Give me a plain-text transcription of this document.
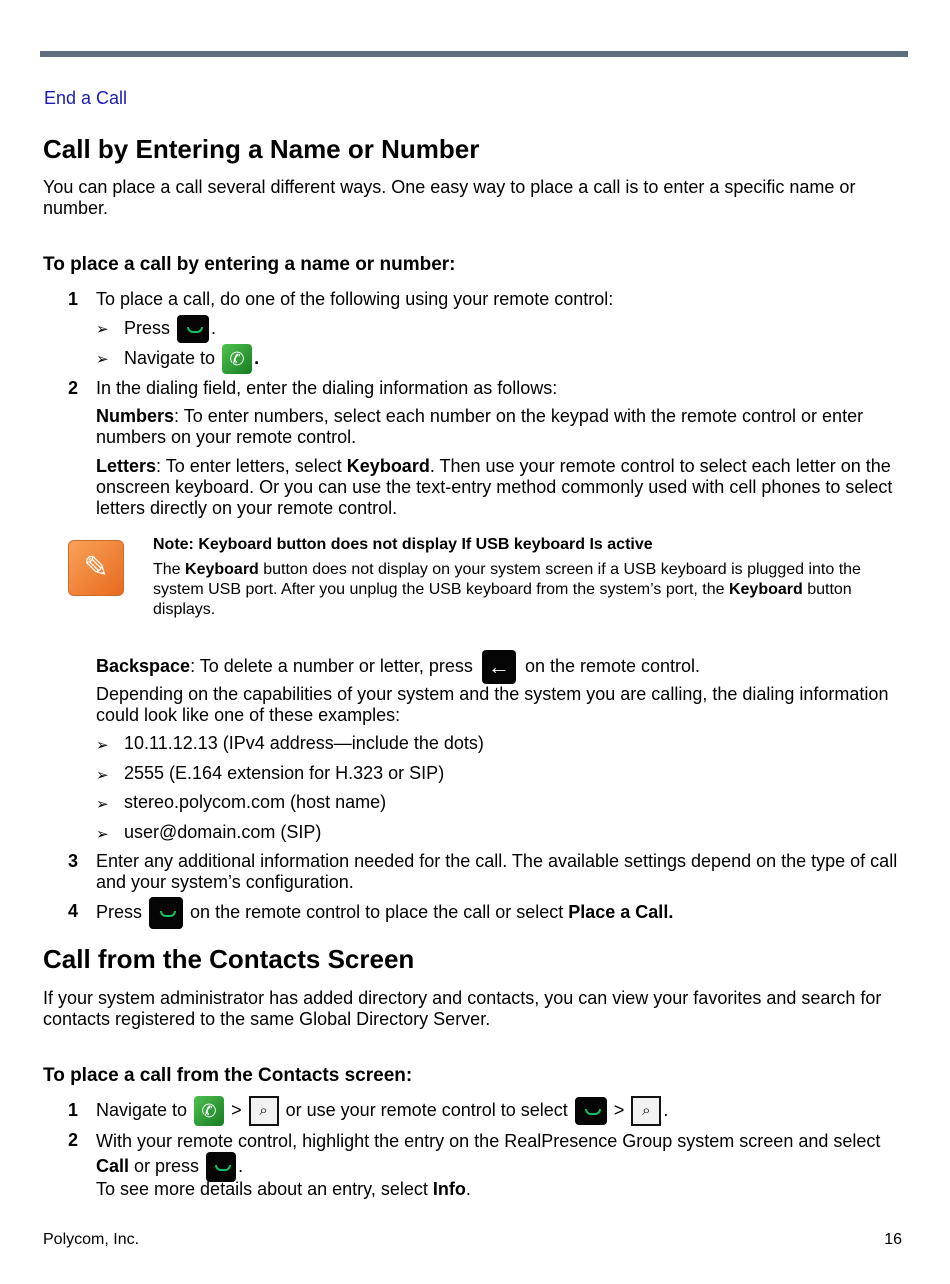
End a Call
Call by Entering a Name or Number
You can place a call several different ways. One easy way to place a call is to enter a specific name or number.
To place a call by entering a name or number:
1 To place a call, do one of the following using your remote control:
➢ Press .
➢ Navigate to ✆ .
2 In the dialing field, enter the dialing information as follows:
Numbers: To enter numbers, select each number on the keypad with the remote control or enter numbers on your remote control.
Letters: To enter letters, select Keyboard. Then use your remote control to select each letter on the onscreen keyboard. Or you can use the text-entry method commonly used with cell phones to select letters directly on your remote control.
✎
Note: Keyboard button does not display If USB keyboard Is active
The Keyboard button does not display on your system screen if a USB keyboard is plugged into the system USB port. After you unplug the USB keyboard from the system’s port, the Keyboard button displays.
Backspace: To delete a number or letter, press ← on the remote control.
Depending on the capabilities of your system and the system you are calling, the dialing information could look like one of these examples:
➢ 10.11.12.13 (IPv4 address—include the dots)
➢ 2555 (E.164 extension for H.323 or SIP)
➢ stereo.polycom.com (host name)
➢ user@domain.com (SIP)
3 Enter any additional information needed for the call. The available settings depend on the type of call and your system’s configuration.
4 Press	on the remote control to place the call or select Place a Call.
Call from the Contacts Screen
If your system administrator has added directory and contacts, you can view your favorites and search for contacts registered to the same Global Directory Server.
To place a call from the Contacts screen:
1 Navigate to ✆ > ⌕ or use your remote control to select	> ⌕ .
2 With your remote control, highlight the entry on the RealPresence Group system screen and select Call or press .
To see more details about an entry, select Info.
Polycom, Inc.	16
